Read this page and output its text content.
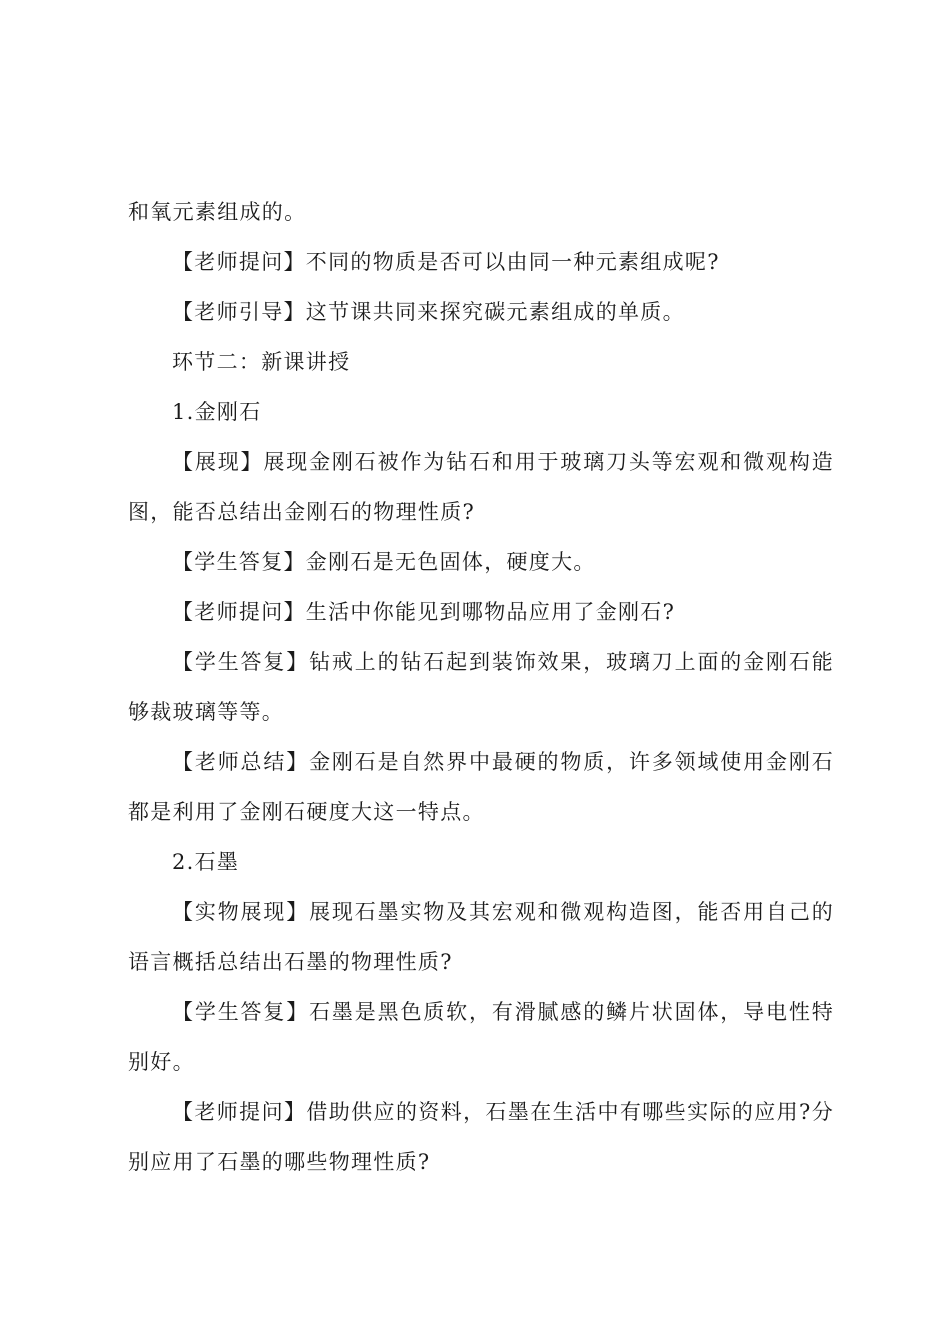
和氧元素组成的。

【老师提问】不同的物质是否可以由同一种元素组成呢?

【老师引导】这节课共同来探究碳元素组成的单质。

环节二：新课讲授

1.金刚石

【展现】展现金刚石被作为钻石和用于玻璃刀头等宏观和微观构造图，能否总结出金刚石的物理性质?

【学生答复】金刚石是无色固体，硬度大。

【老师提问】生活中你能见到哪物品应用了金刚石?

【学生答复】钻戒上的钻石起到装饰效果，玻璃刀上面的金刚石能够裁玻璃等等。

【老师总结】金刚石是自然界中最硬的物质，许多领域使用金刚石都是利用了金刚石硬度大这一特点。

2.石墨

【实物展现】展现石墨实物及其宏观和微观构造图，能否用自己的语言概括总结出石墨的物理性质?

【学生答复】石墨是黑色质软，有滑腻感的鳞片状固体，导电性特别好。

【老师提问】借助供应的资料，石墨在生活中有哪些实际的应用?分别应用了石墨的哪些物理性质?
